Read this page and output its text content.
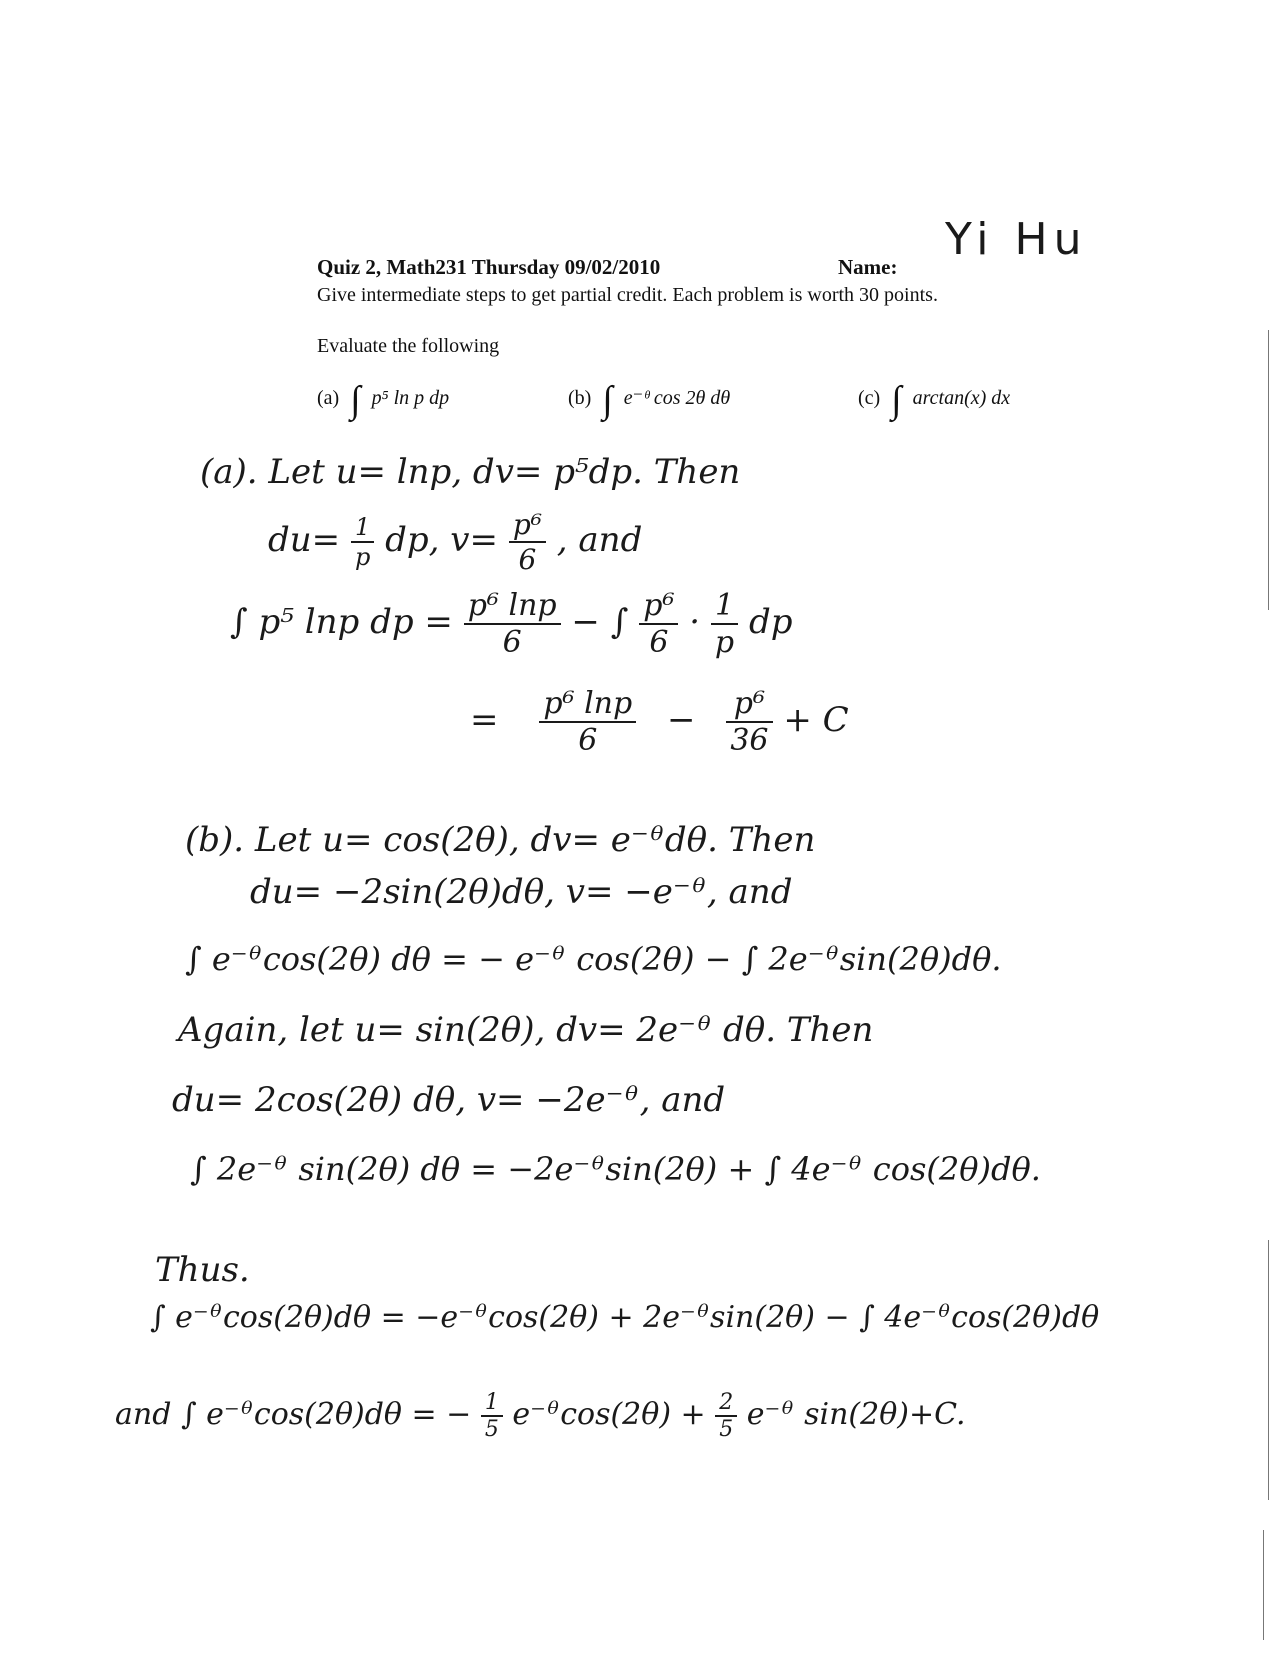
Quiz 2, Math231 Thursday 09/02/2010	Name:
Yi Hu
Give intermediate steps to get partial credit. Each problem is worth 30 points.
Evaluate the following
(a) ∫ p⁵ ln p dp	(b) ∫ e⁻ᶿ cos 2θ dθ	(c) ∫ arctan(x) dx
(a). Let u= lnp, dv= p⁵dp. Then
$du= \frac{1}{p}$ dp, $v= \frac{\text{p⁶}}{6}$ , and
∫ p⁵ lnp dp = $\frac{\text{p⁶ lnp}}{6}$ − ∫ $\frac{\text{p⁶}}{6} \cdot \frac{1}{p}$ dp
= $\frac{\text{p⁶ lnp}}{6} - \frac{\text{p⁶}}{36} + C$
(b). Let u= cos(2θ), dv= e⁻ᶿdθ. Then
du= −2sin(2θ)dθ, v= −e⁻ᶿ, and
∫ e⁻ᶿcos(2θ) dθ = − e⁻ᶿ cos(2θ) − ∫ 2e⁻ᶿsin(2θ)dθ.
Again, let u= sin(2θ), dv= 2e⁻ᶿ dθ. Then
du= 2cos(2θ) dθ, v= −2e⁻ᶿ, and
∫ 2e⁻ᶿ sin(2θ) dθ = −2e⁻ᶿsin(2θ) + ∫ 4e⁻ᶿ cos(2θ)dθ.
Thus.
∫ e⁻ᶿcos(2θ)dθ = −e⁻ᶿcos(2θ) + 2e⁻ᶿsin(2θ) − ∫ 4e⁻ᶿcos(2θ)dθ
and ∫ e⁻ᶿcos(2θ)dθ = − $\frac{1}{5}$ e⁻ᶿcos(2θ) + $\frac{2}{5}$ e⁻ᶿ sin(2θ)+C.
